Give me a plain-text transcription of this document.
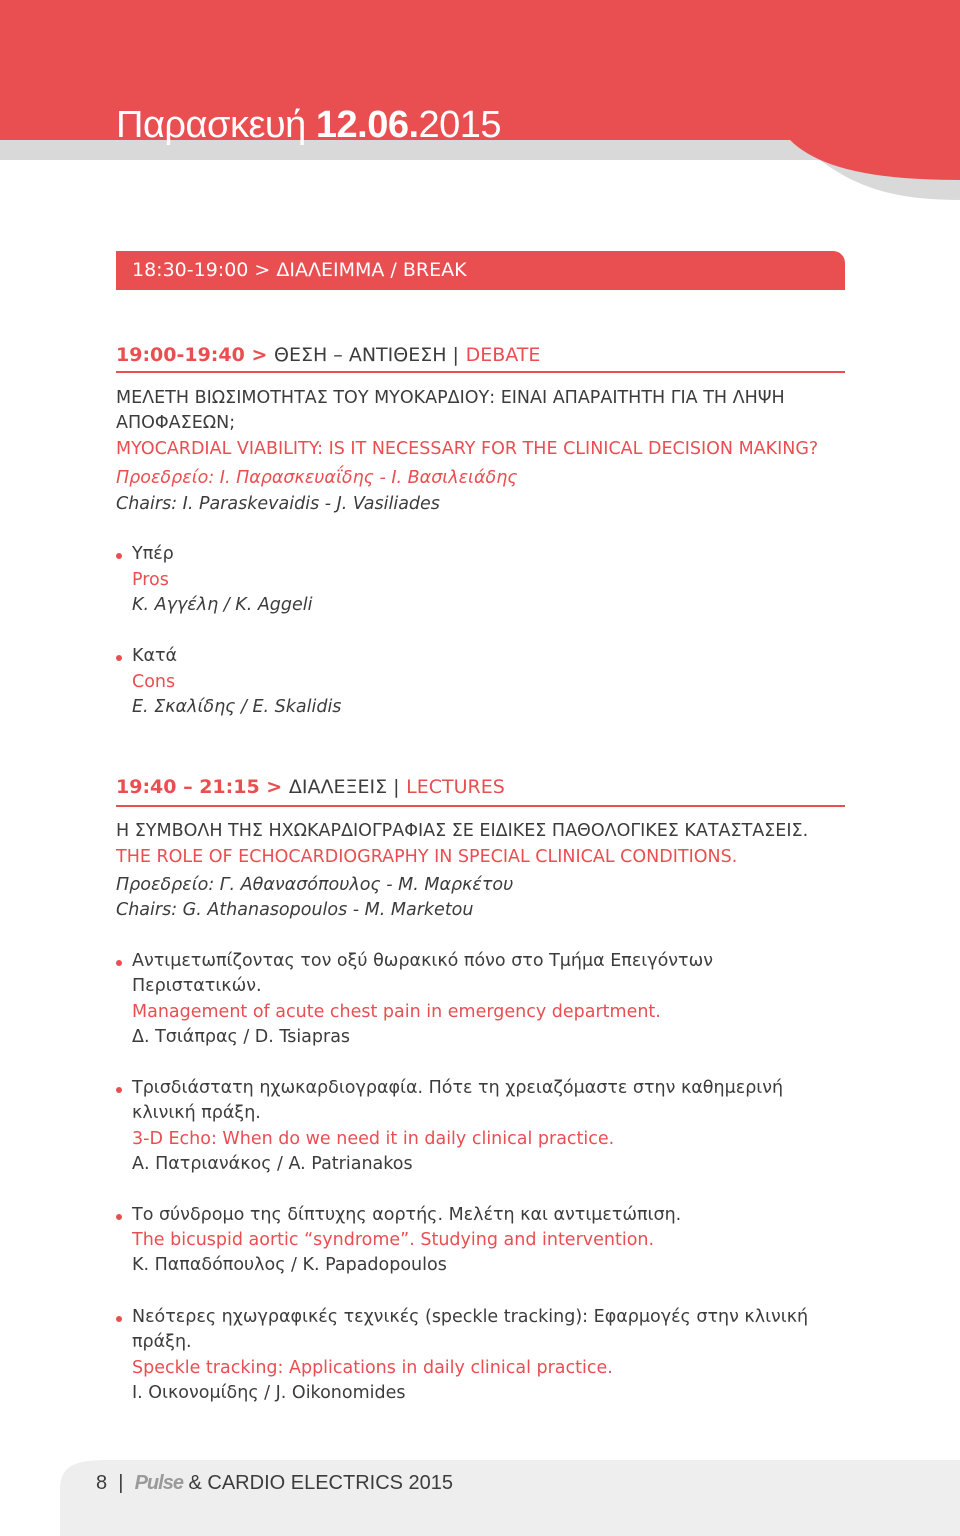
Παρασκευή 12.06.2015
18:30-19:00 > ΔΙΑΛΕΙΜΜΑ / BREAK
19:00-19:40 > ΘΕΣΗ – ΑΝΤΙΘΕΣΗ | DEBATE
ΜΕΛΕΤΗ ΒΙΩΣΙΜΟΤΗΤΑΣ ΤΟΥ ΜΥΟΚΑΡΔΙΟΥ: ΕΙΝΑΙ ΑΠΑΡΑΙΤΗΤΗ ΓΙΑ ΤΗ ΛΗΨΗ
ΑΠΟΦΑΣΕΩΝ;
MYOCARDIAL VIABILITY: IS IT NECESSARY FOR THE CLINICAL DECISION MAKING?
Προεδρείο: Ι. Παρασκευαΐδης - Ι. Βασιλειάδης
Chairs: I. Paraskevaidis - J. Vasiliades
Υπέρ
Pros
Κ. Αγγέλη / K. Aggeli
Κατά
Cons
Ε. Σκαλίδης / E. Skalidis
19:40 – 21:15 > ΔΙΑΛΕΞΕΙΣ | LECTURES
Η ΣΥΜΒΟΛΗ ΤΗΣ ΗΧΩΚΑΡΔΙΟΓΡΑΦΙΑΣ ΣΕ ΕΙΔΙΚΕΣ ΠΑΘΟΛΟΓΙΚΕΣ ΚΑΤΑΣΤΑΣΕΙΣ.
THE ROLE OF ECHOCARDIOGRAPHY IN SPECIAL CLINICAL CONDITIONS.
Προεδρείο: Γ. Αθανασόπουλος - Μ. Μαρκέτου
Chairs: G. Athanasopoulos - M. Marketou
Αντιμετωπίζοντας τον οξύ θωρακικό πόνο στο Τμήμα Επειγόντων
Περιστατικών.
Management of acute chest pain in emergency department.
Δ. Τσιάπρας / D. Tsiapras
Τρισδιάστατη ηχωκαρδιογραφία. Πότε τη χρειαζόμαστε στην καθημερινή
κλινική πράξη.
3-D Echo: When do we need it in daily clinical practice.
Α. Πατριανάκος / A. Patrianakos
Το σύνδρομο της δίπτυχης αορτής. Μελέτη και αντιμετώπιση.
The bicuspid aortic “syndrome”. Studying and intervention.
Κ. Παπαδόπουλος / K. Papadopoulos
Νεότερες ηχωγραφικές τεχνικές (speckle tracking): Εφαρμογές στην κλινική
πράξη.
Speckle tracking: Applications in daily clinical practice.
Ι. Οικονομίδης / J. Oikonomides
8 | Pulse & CARDIO ELECTRICS 2015
